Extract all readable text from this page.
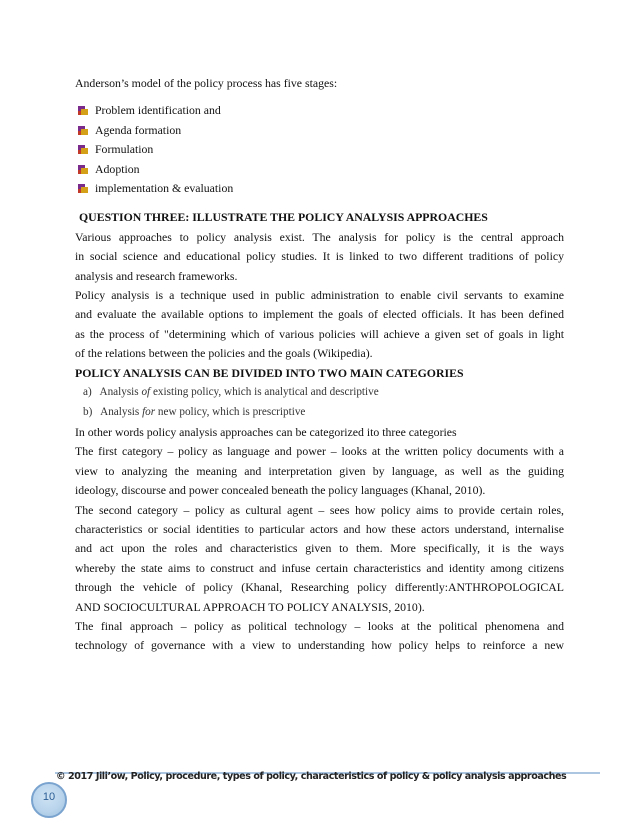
Anderson’s model of the policy process has five stages:
Problem identification and
Agenda formation
Formulation
Adoption
implementation & evaluation
QUESTION THREE: ILLUSTRATE THE POLICY ANALYSIS APPROACHES
Various approaches to policy analysis exist. The analysis for policy is the central approach
in social science and educational policy studies. It is linked to two different traditions of policy
analysis and research frameworks.
Policy analysis is a technique used in public administration to enable civil servants to examine
and evaluate the available options to implement the goals of elected officials. It has been defined
as the process of "determining which of various policies will achieve a given set of goals in light
of the relations between the policies and the goals (Wikipedia).
POLICY ANALYSIS CAN BE DIVIDED INTO TWO MAIN CATEGORIES
a) Analysis of existing policy, which is analytical and descriptive
b) Analysis for new policy, which is prescriptive
In other words policy analysis approaches can be categorized ito three categories
The first category – policy as language and power – looks at the written policy documents with a
view to analyzing the meaning and interpretation given by language, as well as the guiding
ideology, discourse and power concealed beneath the policy languages (Khanal, 2010).
The second category – policy as cultural agent – sees how policy aims to provide certain roles,
characteristics or social identities to particular actors and how these actors understand, internalise
and act upon the roles and characteristics given to them. More specifically, it is the ways
whereby the state aims to construct and infuse certain characteristics and identity among citizens
through the vehicle of policy (Khanal, Researching policy differently:ANTHROPOLOGICAL
AND SOCIOCULTURAL APPROACH TO POLICY ANALYSIS, 2010).
The final approach – policy as political technology – looks at the political phenomena and
technology of governance with a view to understanding how policy helps to reinforce a new
© 2017 Jili’ow, Policy, procedure, types of policy, characteristics of policy & policy analysis approaches
10
